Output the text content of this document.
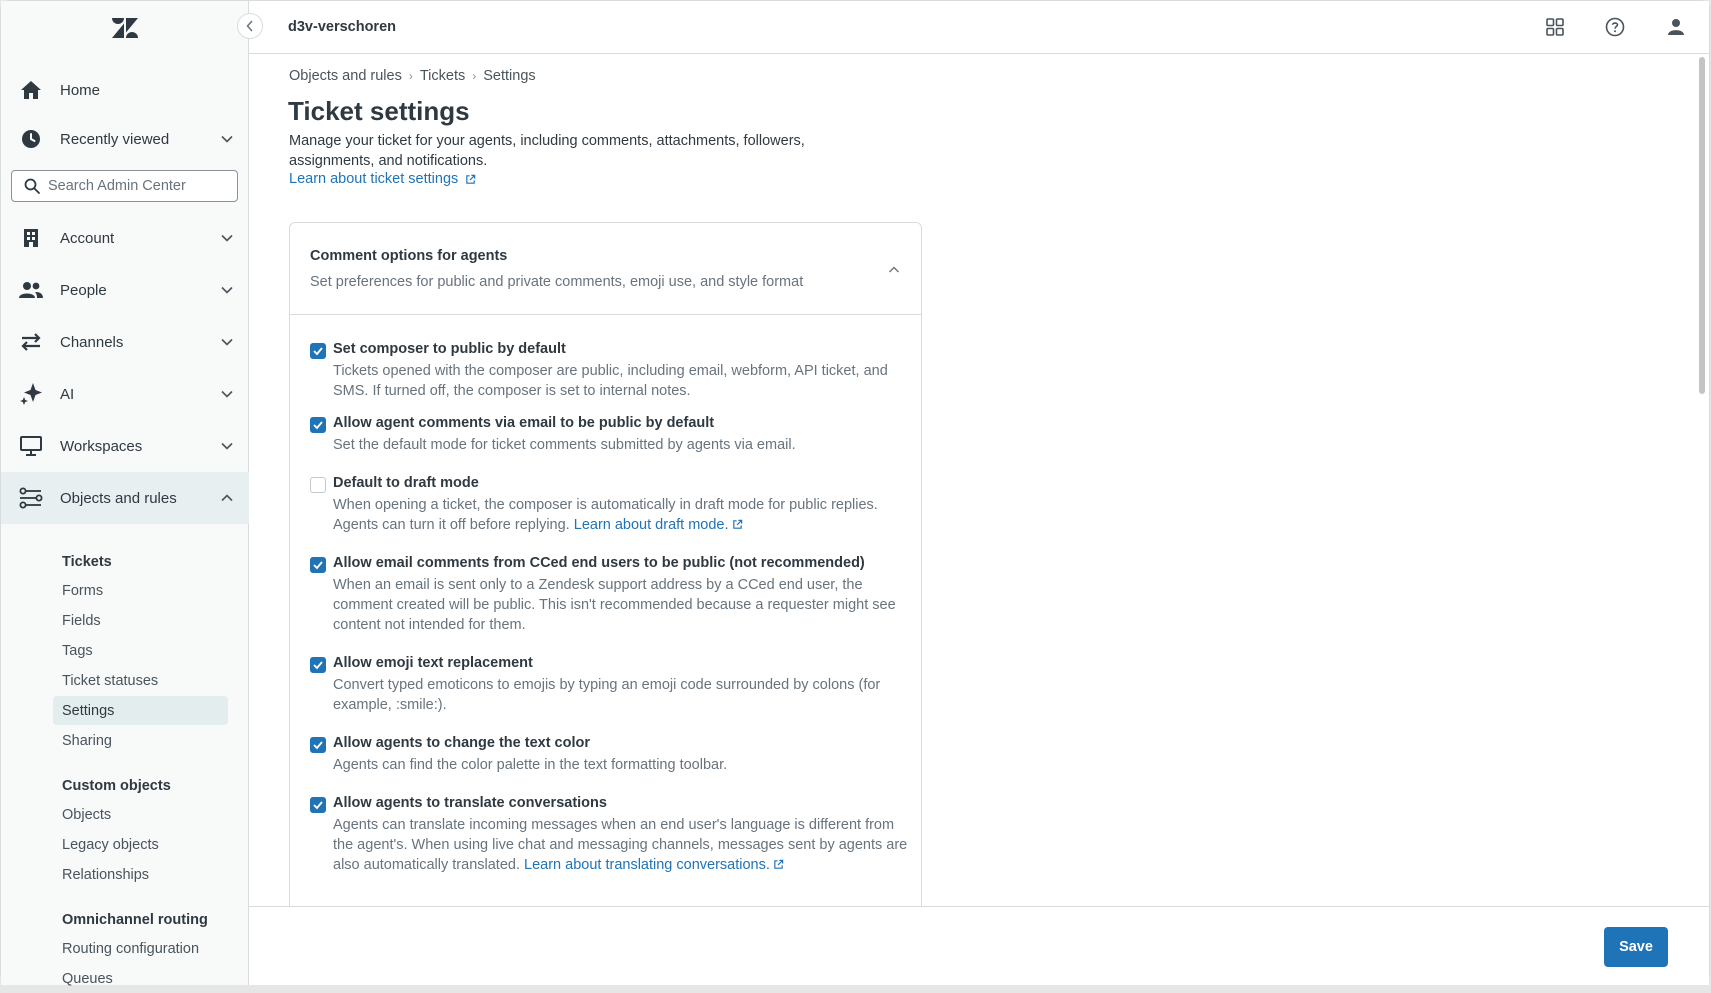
Home
Recently viewed
Search Admin Center
Account
People
Channels
AI
Workspaces
Objects and rules
Tickets
Forms
Fields
Tags
Ticket statuses
Settings
Sharing
Custom objects
Objects
Legacy objects
Relationships
Omnichannel routing
Routing configuration
Queues
d3v-verschoren
Objects and rules › Tickets › Settings
Ticket settings

Manage your ticket for your agents, including comments, attachments, followers, assignments, and notifications.

Learn about ticket settings
Comment options for agents
Set preferences for public and private comments, emoji use, and style format
Set composer to public by default
Tickets opened with the composer are public, including email, webform, API ticket, and SMS. If turned off, the composer is set to internal notes.
Allow agent comments via email to be public by default
Set the default mode for ticket comments submitted by agents via email.
Default to draft mode
When opening a ticket, the composer is automatically in draft mode for public replies. Agents can turn it off before replying. Learn about draft mode.
Allow email comments from CCed end users to be public (not recommended)
When an email is sent only to a Zendesk support address by a CCed end user, the comment created will be public. This isn't recommended because a requester might see content not intended for them.
Allow emoji text replacement
Convert typed emoticons to emojis by typing an emoji code surrounded by colons (for example, :smile:).
Allow agents to change the text color
Agents can find the color palette in the text formatting toolbar.
Allow agents to translate conversations
Agents can translate incoming messages when an end user's language is different from the agent's. When using live chat and messaging channels, messages sent by agents are also automatically translated. Learn about translating conversations.
Save
